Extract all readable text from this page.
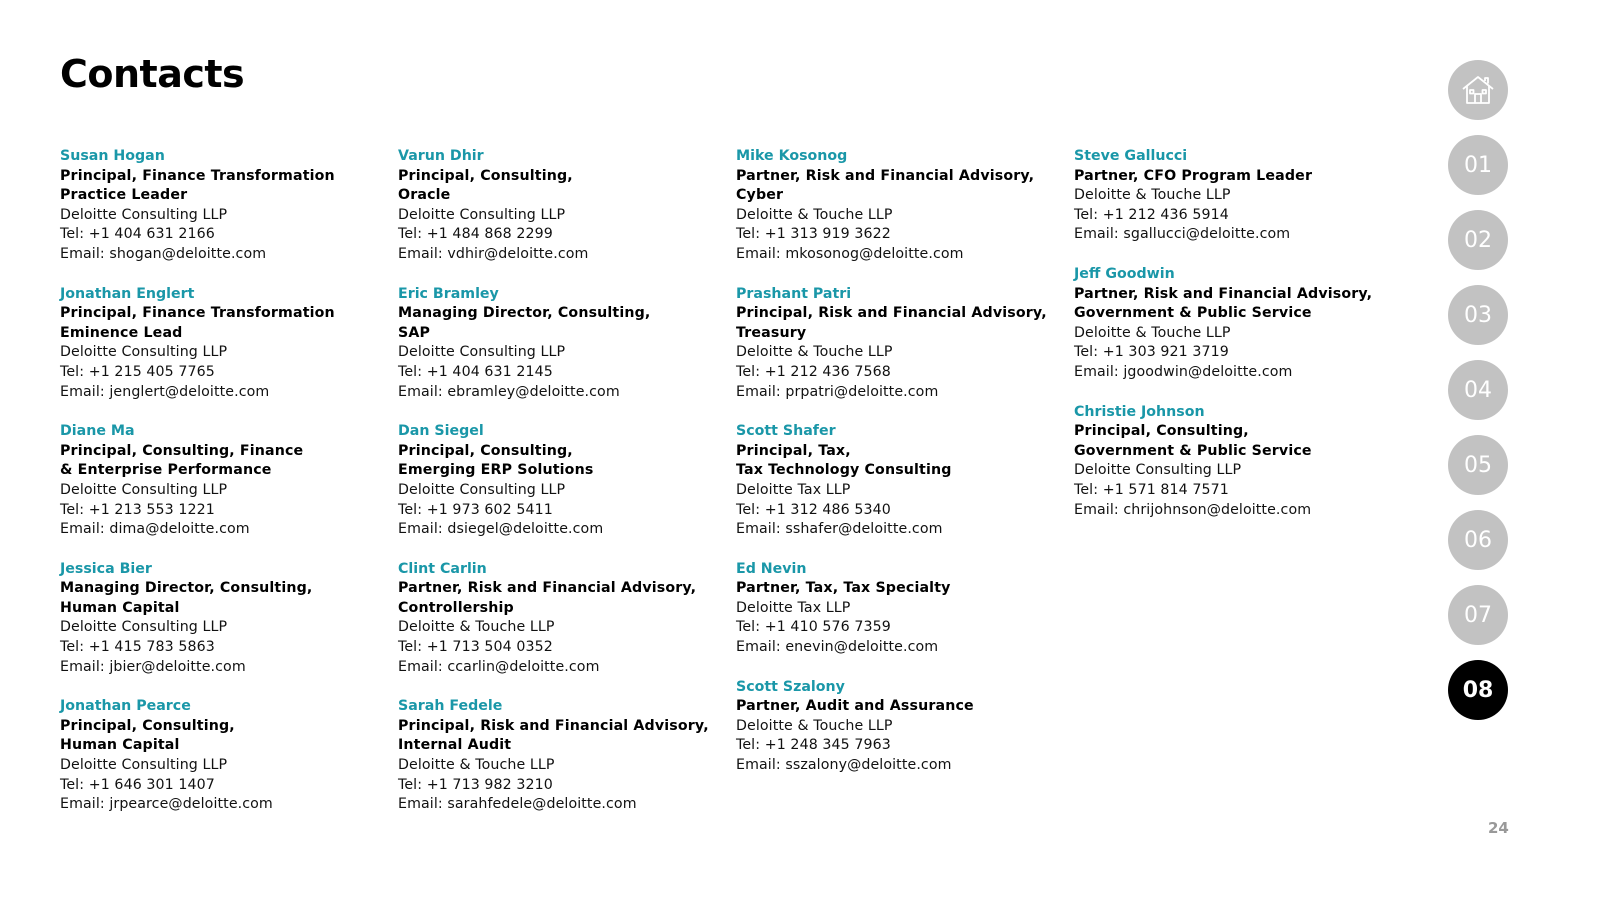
Contacts
Susan Hogan
Principal, Finance Transformation
Practice Leader
Deloitte Consulting LLP
Tel: +1 404 631 2166
Email: shogan@deloitte.com
Jonathan Englert
Principal, Finance Transformation
Eminence Lead
Deloitte Consulting LLP
Tel: +1 215 405 7765
Email: jenglert@deloitte.com
Diane Ma
Principal, Consulting, Finance
& Enterprise Performance
Deloitte Consulting LLP
Tel: +1 213 553 1221
Email: dima@deloitte.com
Jessica Bier
Managing Director, Consulting,
Human Capital
Deloitte Consulting LLP
Tel: +1 415 783 5863
Email: jbier@deloitte.com
Jonathan Pearce
Principal, Consulting,
Human Capital
Deloitte Consulting LLP
Tel: +1 646 301 1407
Email: jrpearce@deloitte.com
Varun Dhir
Principal, Consulting,
Oracle
Deloitte Consulting LLP
Tel: +1 484 868 2299
Email: vdhir@deloitte.com
Eric Bramley
Managing Director, Consulting,
SAP
Deloitte Consulting LLP
Tel: +1 404 631 2145
Email: ebramley@deloitte.com
Dan Siegel
Principal, Consulting,
Emerging ERP Solutions
Deloitte Consulting LLP
Tel: +1 973 602 5411
Email: dsiegel@deloitte.com
Clint Carlin
Partner, Risk and Financial Advisory,
Controllership
Deloitte & Touche LLP
Tel: +1 713 504 0352
Email: ccarlin@deloitte.com
Sarah Fedele
Principal, Risk and Financial Advisory,
Internal Audit
Deloitte & Touche LLP
Tel: +1 713 982 3210
Email: sarahfedele@deloitte.com
Mike Kosonog
Partner, Risk and Financial Advisory,
Cyber
Deloitte & Touche LLP
Tel: +1 313 919 3622
Email: mkosonog@deloitte.com
Prashant Patri
Principal, Risk and Financial Advisory,
Treasury
Deloitte & Touche LLP
Tel: +1 212 436 7568
Email: prpatri@deloitte.com
Scott Shafer
Principal, Tax,
Tax Technology Consulting
Deloitte Tax LLP
Tel: +1 312 486 5340
Email: sshafer@deloitte.com
Ed Nevin
Partner, Tax, Tax Specialty
Deloitte Tax LLP
Tel: +1 410 576 7359
Email: enevin@deloitte.com
Scott Szalony
Partner, Audit and Assurance
Deloitte & Touche LLP
Tel: +1 248 345 7963
Email: sszalony@deloitte.com
Steve Gallucci
Partner, CFO Program Leader
Deloitte & Touche LLP
Tel: +1 212 436 5914
Email: sgallucci@deloitte.com
Jeff Goodwin
Partner, Risk and Financial Advisory,
Government & Public Service
Deloitte & Touche LLP
Tel: +1 303 921 3719
Email: jgoodwin@deloitte.com
Christie Johnson
Principal, Consulting,
Government & Public Service
Deloitte Consulting LLP
Tel: +1 571 814 7571
Email: chrijohnson@deloitte.com
01
02
03
04
05
06
07
08
24
